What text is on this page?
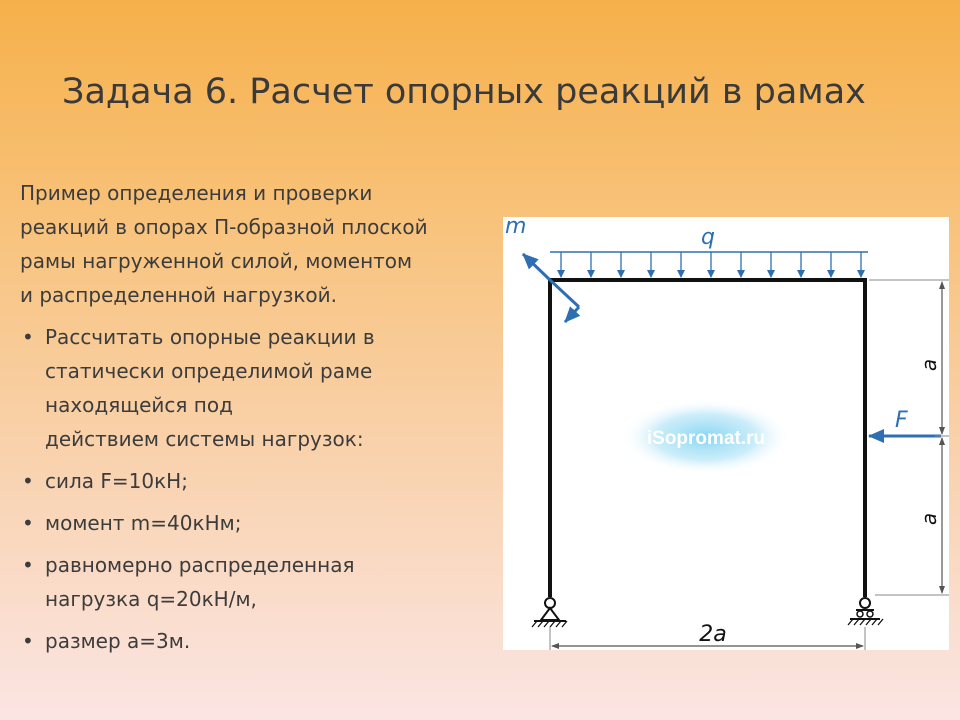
Задача 6. Расчет опорных реакций в рамах
Пример определения и проверки
реакций в опорах П-образной плоской
рамы нагруженной силой, моментом
и распределенной нагрузкой.
• Рассчитать опорные реакции в
статически определимой раме
находящейся под
действием системы нагрузок:
• сила F=10кН;
• момент m=40кНм;
• равномерно распределенная
нагрузка q=20кН/м,
• размер a=3м.
iSopromat.ru
q
m
F
a
a
2a
